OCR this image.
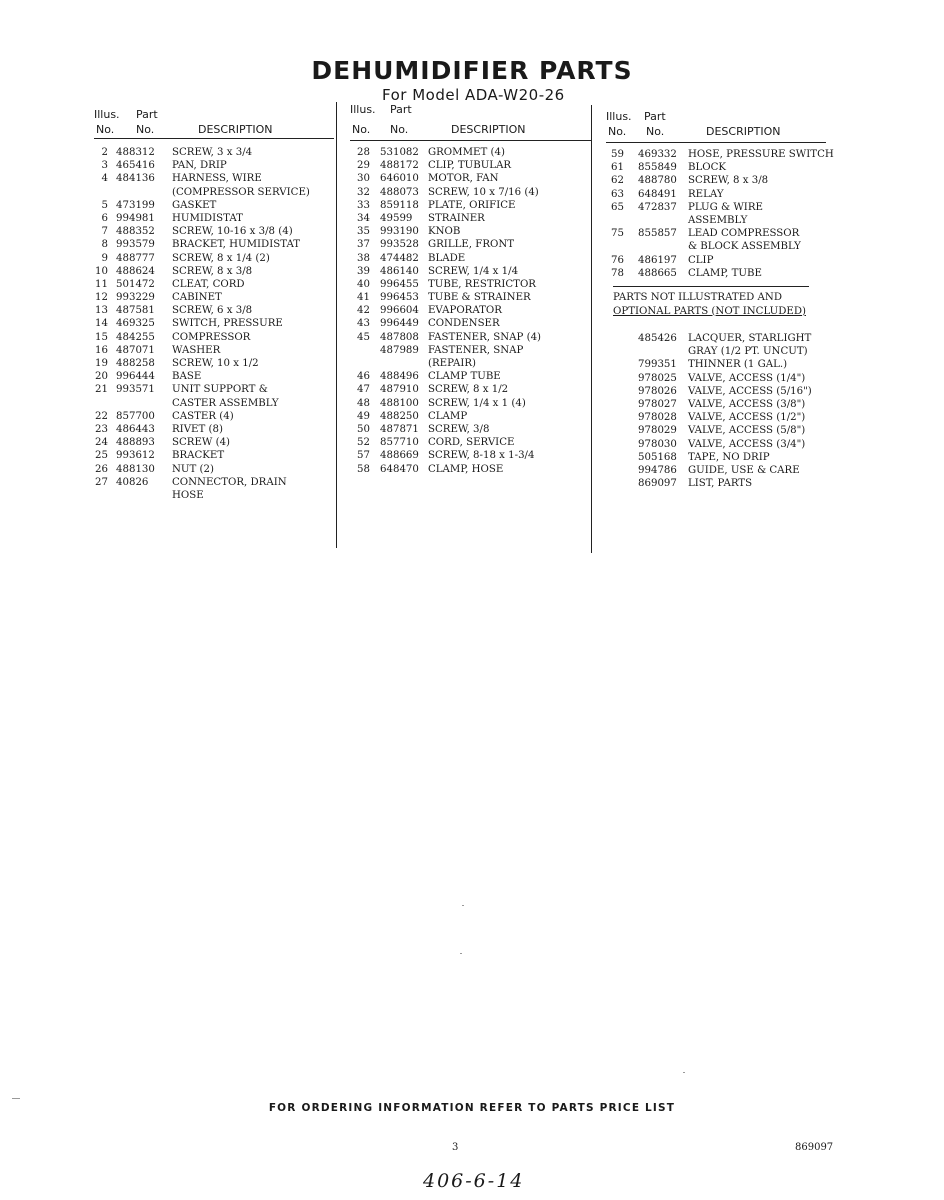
DEHUMIDIFIER PARTS
For Model ADA-W20-26
Illus. Part
No. No.	DESCRIPTION
Illus. Part
No. No.	DESCRIPTION
Illus. Part
No. No.	DESCRIPTION
2 488312 SCREW, 3 x 3/4
3 465416 PAN, DRIP
4 484136 HARNESS, WIRE
(COMPRESSOR SERVICE)
5 473199 GASKET
6 994981 HUMIDISTAT
7 488352 SCREW, 10-16 x 3/8 (4)
8 993579 BRACKET, HUMIDISTAT
9 488777 SCREW, 8 x 1/4 (2)
10 488624 SCREW, 8 x 3/8
11 501472 CLEAT, CORD
12 993229 CABINET
13 487581 SCREW, 6 x 3/8
14 469325 SWITCH, PRESSURE
15 484255 COMPRESSOR
16 487071 WASHER
19 488258 SCREW, 10 x 1/2
20 996444 BASE
21 993571 UNIT SUPPORT &
CASTER ASSEMBLY
22 857700 CASTER (4)
23 486443 RIVET (8)
24 488893 SCREW (4)
25 993612 BRACKET
26 488130 NUT (2)
27 40826 CONNECTOR, DRAIN
HOSE
28 531082 GROMMET (4)
29 488172 CLIP, TUBULAR
30 646010 MOTOR, FAN
32 488073 SCREW, 10 x 7/16 (4)
33 859118 PLATE, ORIFICE
34 49599 STRAINER
35 993190 KNOB
37 993528 GRILLE, FRONT
38 474482 BLADE
39 486140 SCREW, 1/4 x 1/4
40 996455 TUBE, RESTRICTOR
41 996453 TUBE & STRAINER
42 996604 EVAPORATOR
43 996449 CONDENSER
45 487808 FASTENER, SNAP (4)
487989 FASTENER, SNAP
(REPAIR)
46 488496 CLAMP TUBE
47 487910 SCREW, 8 x 1/2
48 488100 SCREW, 1/4 x 1 (4)
49 488250 CLAMP
50 487871 SCREW, 3/8
52 857710 CORD, SERVICE
57 488669 SCREW, 8-18 x 1-3/4
58 648470 CLAMP, HOSE
59 469332 HOSE, PRESSURE SWITCH
61 855849 BLOCK
62 488780 SCREW, 8 x 3/8
63 648491 RELAY
65 472837 PLUG & WIRE
ASSEMBLY
75 855857 LEAD COMPRESSOR
& BLOCK ASSEMBLY
76 486197 CLIP
78 488665 CLAMP, TUBE
PARTS NOT ILLUSTRATED AND
OPTIONAL PARTS (NOT INCLUDED)
485426 LACQUER, STARLIGHT
GRAY (1/2 PT. UNCUT)
799351 THINNER (1 GAL.)
978025 VALVE, ACCESS (1/4")
978026 VALVE, ACCESS (5/16")
978027 VALVE, ACCESS (3/8")
978028 VALVE, ACCESS (1/2")
978029 VALVE, ACCESS (5/8")
978030 VALVE, ACCESS (3/4")
505168 TAPE, NO DRIP
994786 GUIDE, USE & CARE
869097 LIST, PARTS
FOR ORDERING INFORMATION REFER TO PARTS PRICE LIST
3	869097
406-6-14
